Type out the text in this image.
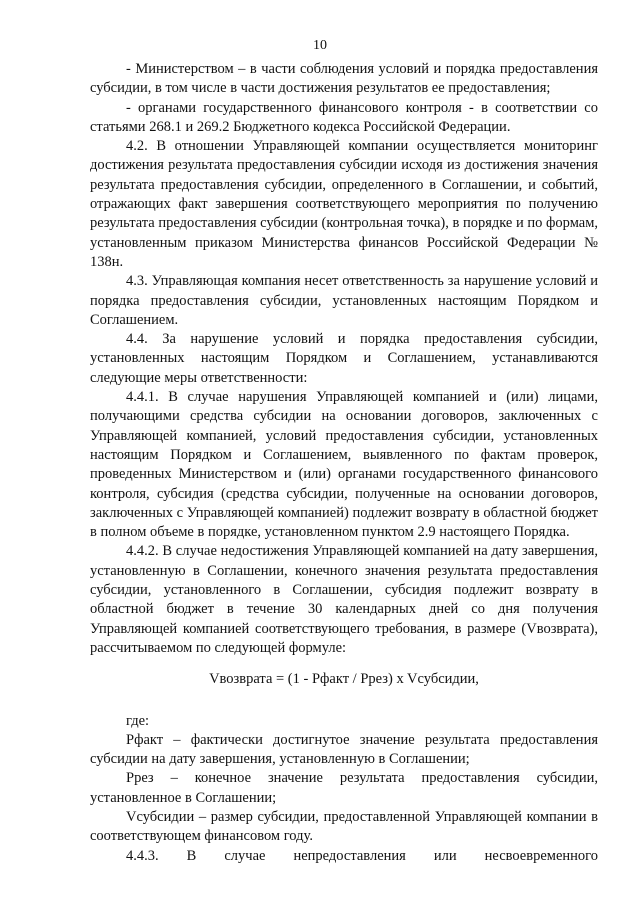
10

- Министерством – в части соблюдения условий и порядка предоставления субсидии, в том числе в части достижения результатов ее предоставления;

- органами государственного финансового контроля - в соответствии со статьями 268.1 и 269.2 Бюджетного кодекса Российской Федерации.

4.2. В отношении Управляющей компании осуществляется мониторинг достижения результата предоставления субсидии исходя из достижения значения результата предоставления субсидии, определенного в Соглашении, и событий, отражающих факт завершения соответствующего мероприятия по получению результата предоставления субсидии (контрольная точка), в порядке и по формам, установленным приказом Министерства финансов Российской Федерации № 138н.

4.3. Управляющая компания несет ответственность за нарушение условий и порядка предоставления субсидии, установленных настоящим Порядком и Соглашением.

4.4. За нарушение условий и порядка предоставления субсидии, установленных настоящим Порядком и Соглашением, устанавливаются следующие меры ответственности:

4.4.1. В случае нарушения Управляющей компанией и (или) лицами, получающими средства субсидии на основании договоров, заключенных с Управляющей компанией, условий предоставления субсидии, установленных настоящим Порядком и Соглашением, выявленного по фактам проверок, проведенных Министерством и (или) органами государственного финансового контроля, субсидия (средства субсидии, полученные на основании договоров, заключенных с Управляющей компанией) подлежит возврату в областной бюджет в полном объеме в порядке, установленном пунктом 2.9 настоящего Порядка.

4.4.2. В случае недостижения Управляющей компанией на дату завершения, установленную в Соглашении, конечного значения результата предоставления субсидии, установленного в Соглашении, субсидия подлежит возврату в областной бюджет в течение 30 календарных дней со дня получения Управляющей компанией соответствующего требования, в размере (Vвозврата), рассчитываемом по следующей формуле:

Vвозврата = (1 - Рфакт / Ррез) x Vсубсидии,

где:

Рфакт – фактически достигнутое значение результата предоставления субсидии на дату завершения, установленную в Соглашении;

Ррез – конечное значение результата предоставления субсидии, установленное в Соглашении;

Vсубсидии – размер субсидии, предоставленной Управляющей компании в соответствующем финансовом году.

4.4.3. В случае непредоставления или несвоевременного
